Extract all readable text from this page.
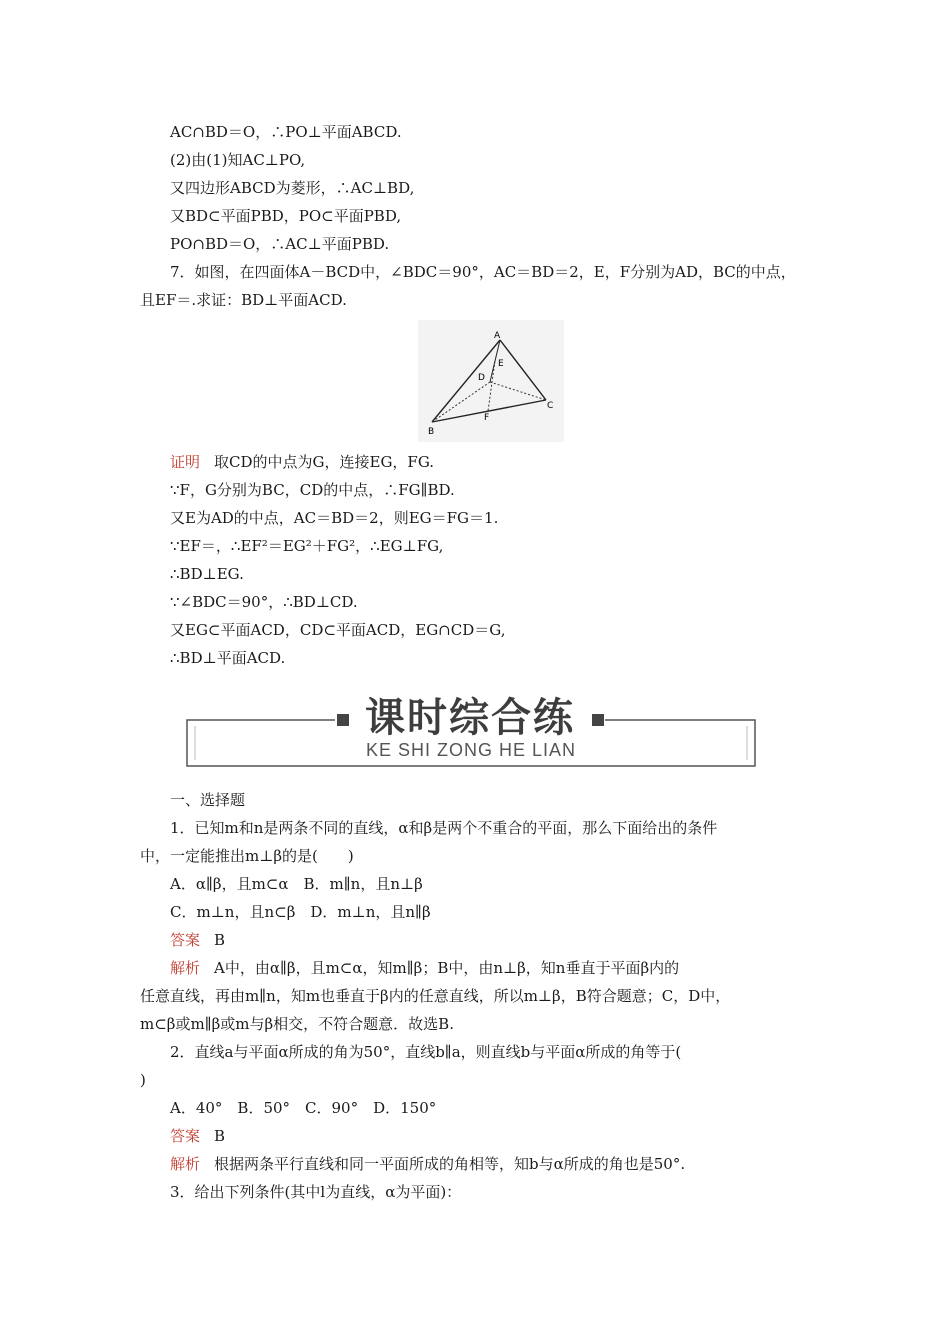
AC∩BD＝O，∴PO⊥平面ABCD.
(2)由(1)知AC⊥PO,
又四边形ABCD为菱形，∴AC⊥BD,
又BD⊂平面PBD，PO⊂平面PBD,
PO∩BD＝O，∴AC⊥平面PBD.
7．如图，在四面体A－BCD中，∠BDC＝90°，AC＝BD＝2，E，F分别为AD，BC的中点，
且EF＝.求证：BD⊥平面ACD.
A
E
D
C
F
B
证明 取CD的中点为G，连接EG，FG.
∵F，G分别为BC，CD的中点，∴FG∥BD.
又E为AD的中点，AC＝BD＝2，则EG＝FG＝1.
∵EF＝，∴EF²＝EG²＋FG²，∴EG⊥FG,
∴BD⊥EG.
∵∠BDC＝90°，∴BD⊥CD.
又EG⊂平面ACD，CD⊂平面ACD，EG∩CD＝G,
∴BD⊥平面ACD.
课时综合练
KE SHI ZONG HE LIAN
一、选择题
1．已知m和n是两条不同的直线，α和β是两个不重合的平面，那么下面给出的条件
中，一定能推出m⊥β的是(　　)
A．α∥β，且m⊂α　B．m∥n，且n⊥β
C．m⊥n，且n⊂β　D．m⊥n，且n∥β
答案 B
解析 A中，由α∥β，且m⊂α，知m∥β；B中，由n⊥β，知n垂直于平面β内的
任意直线，再由m∥n，知m也垂直于β内的任意直线，所以m⊥β，B符合题意；C，D中，
m⊂β或m∥β或m与β相交，不符合题意．故选B.
2．直线a与平面α所成的角为50°，直线b∥a，则直线b与平面α所成的角等于(
)
A．40°　B．50°　C．90°　D．150°
答案 B
解析 根据两条平行直线和同一平面所成的角相等，知b与α所成的角也是50°.
3．给出下列条件(其中l为直线，α为平面)：
